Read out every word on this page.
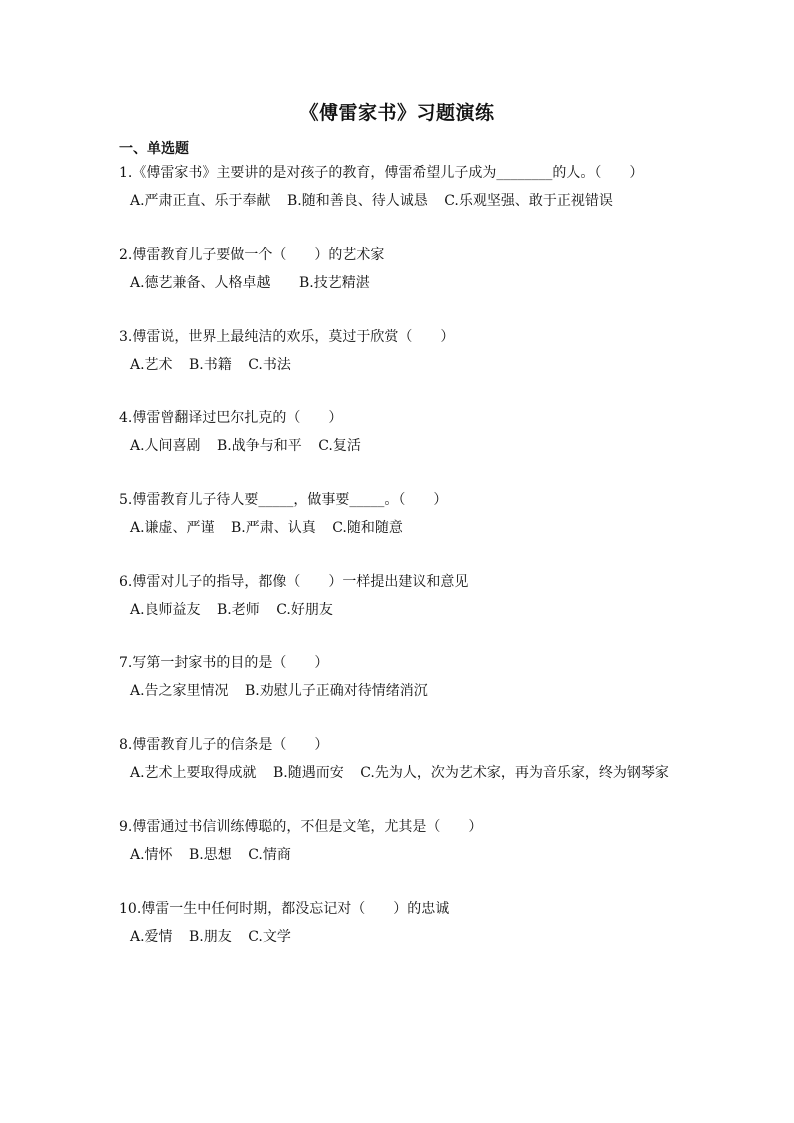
《傅雷家书》习题演练
一、单选题
1.《傅雷家书》主要讲的是对孩子的教育，傅雷希望儿子成为________的人。（　　）
A.严肃正直、乐于奉献 B.随和善良、待人诚恳 C.乐观坚强、敢于正视错误
2.傅雷教育儿子要做一个（　　）的艺术家
A.德艺兼备、人格卓越 B.技艺精湛
3.傅雷说，世界上最纯洁的欢乐，莫过于欣赏（　　）
A.艺术 B.书籍 C.书法
4.傅雷曾翻译过巴尔扎克的（　　）
A.人间喜剧 B.战争与和平 C.复活
5.傅雷教育儿子待人要_____，做事要_____。（　　）
A.谦虚、严谨 B.严肃、认真 C.随和随意
6.傅雷对儿子的指导，都像（　　）一样提出建议和意见
A.良师益友 B.老师 C.好朋友
7.写第一封家书的目的是（　　）
A.告之家里情况 B.劝慰儿子正确对待情绪消沉
8.傅雷教育儿子的信条是（　　）
A.艺术上要取得成就 B.随遇而安 C.先为人，次为艺术家，再为音乐家，终为钢琴家
9.傅雷通过书信训练傅聪的，不但是文笔，尤其是（　　）
A.情怀 B.思想 C.情商
10.傅雷一生中任何时期，都没忘记对（　　）的忠诚
A.爱情 B.朋友 C.文学
